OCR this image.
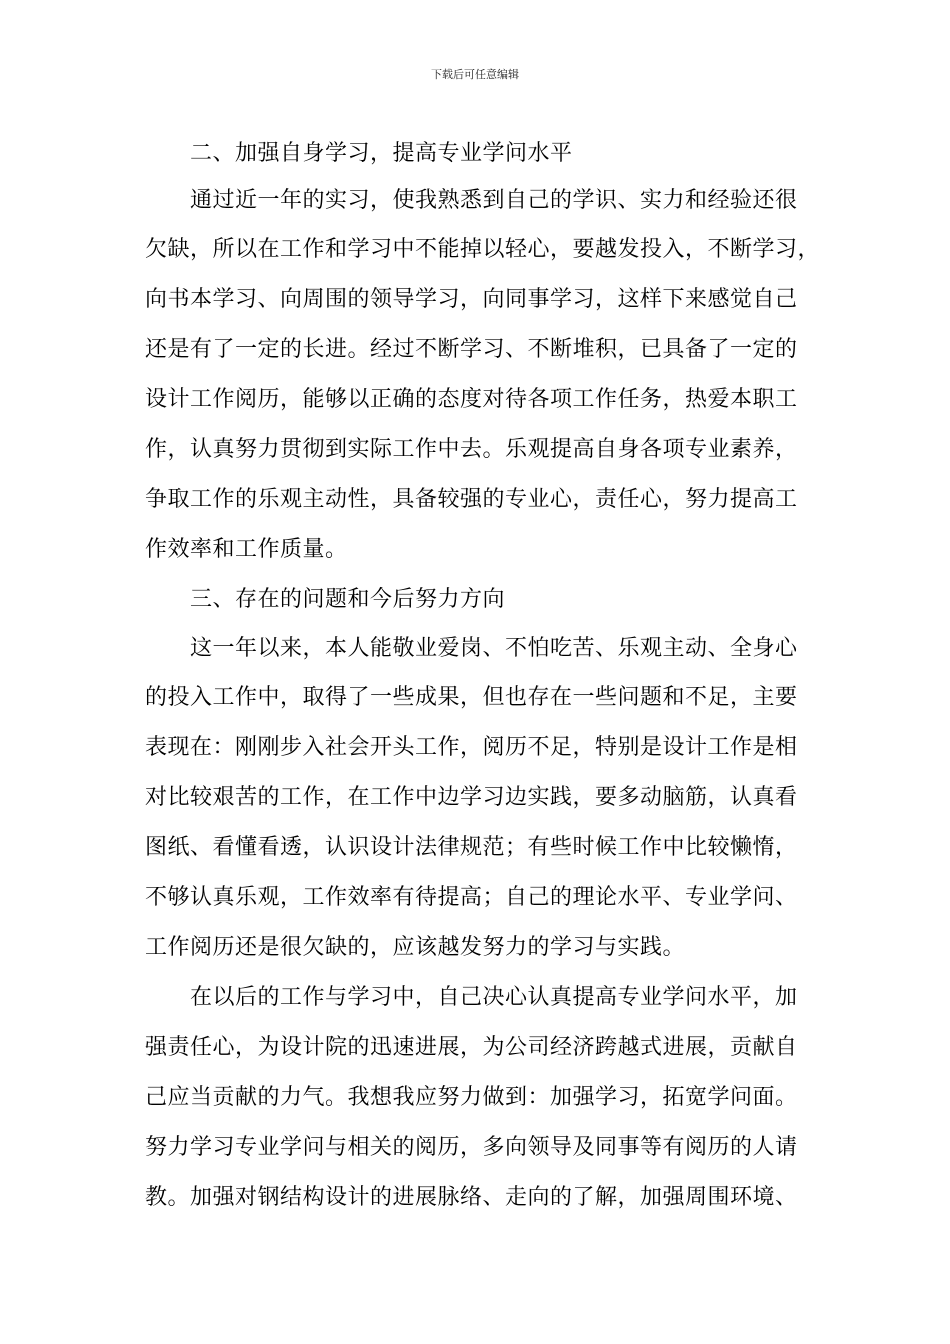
下载后可任意编辑
二、加强自身学习，提高专业学问水平
通过近一年的实习，使我熟悉到自己的学识、实力和经验还很
欠缺，所以在工作和学习中不能掉以轻心，要越发投入，不断学习，
向书本学习、向周围的领导学习，向同事学习，这样下来感觉自己
还是有了一定的长进。经过不断学习、不断堆积，已具备了一定的
设计工作阅历，能够以正确的态度对待各项工作任务，热爱本职工
作，认真努力贯彻到实际工作中去。乐观提高自身各项专业素养，
争取工作的乐观主动性，具备较强的专业心，责任心，努力提高工
作效率和工作质量。
三、存在的问题和今后努力方向
这一年以来，本人能敬业爱岗、不怕吃苦、乐观主动、全身心
的投入工作中，取得了一些成果，但也存在一些问题和不足，主要
表现在：刚刚步入社会开头工作，阅历不足，特别是设计工作是相
对比较艰苦的工作，在工作中边学习边实践，要多动脑筋，认真看
图纸、看懂看透，认识设计法律规范；有些时候工作中比较懒惰，
不够认真乐观，工作效率有待提高；自己的理论水平、专业学问、
工作阅历还是很欠缺的，应该越发努力的学习与实践。
在以后的工作与学习中，自己决心认真提高专业学问水平，加
强责任心，为设计院的迅速进展，为公司经济跨越式进展，贡献自
己应当贡献的力气。我想我应努力做到：加强学习，拓宽学问面。
努力学习专业学问与相关的阅历，多向领导及同事等有阅历的人请
教。加强对钢结构设计的进展脉络、走向的了解，加强周围环境、
